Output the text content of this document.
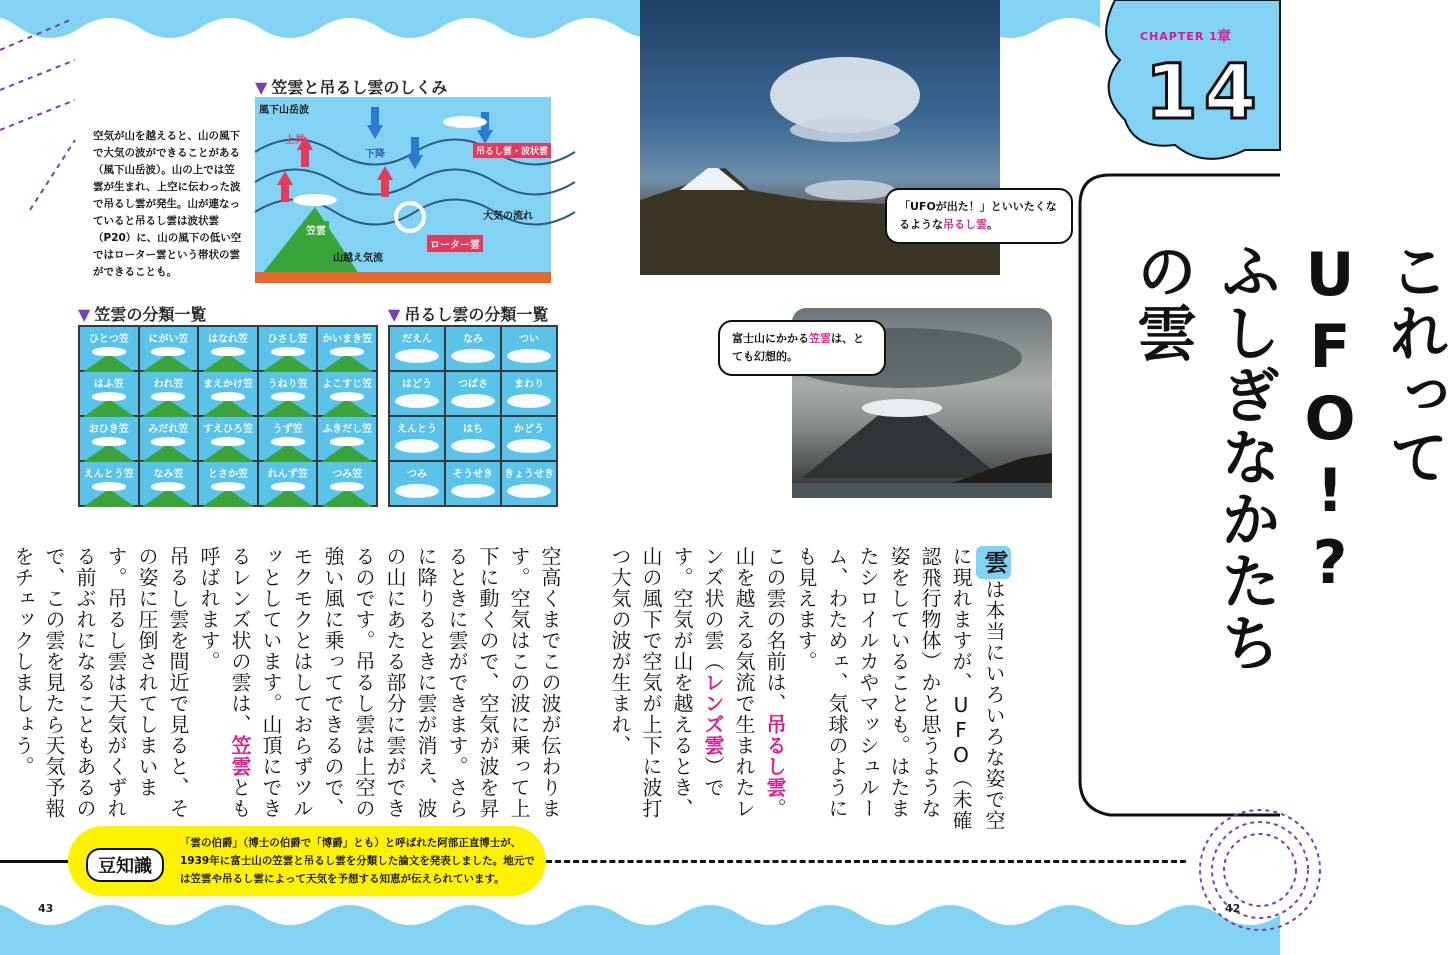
CHAPTER 1 章
14
これってUFO!?
ふしぎなかたちの雲
▼ 笠雲と吊るし雲のしくみ
風下山岳波
上昇
下降	吊るし雲・波状雲
笠雲
大気の流れ
ローター雲
山越え気流
空気が山を越えると、山の風下で大気の波ができることがある（風下山岳波）。山の上では笠雲が生まれ、上空に伝わった波で吊るし雲が発生。山が連なっていると吊るし雲は波状雲（P20）に、山の風下の低い空ではローター雲という帯状の雲ができることも。
▼ 笠雲の分類一覧
ひとつ笠	にがい笠	はなれ笠	ひさし笠	かいまき笠
はふ笠	われ笠	まえかけ笠	うねり笠	よこすじ笠
おひき笠	みだれ笠	すえひろ笠	うず笠	ふきだし笠
えんとう笠	なみ笠	とさか笠	れんず笠	つみ笠
▼ 吊るし雲の分類一覧
だえん	なみ	つい
はどう	つばさ	まわり
えんとう	はち	かどう
つみ	そうせき	きょうせき
「UFOが出た！」といいたくなるような吊るし雲。
富士山にかかる笠雲は、とても幻想的。
雲は本当にいろいろな姿で空に現れますが、UFO（未確認飛行物体）かと思うような姿をしていることも。はたまたシロイルカやマッシュルーム、わためェ、気球のようにも見えます。
この雲の名前は、吊るし雲。山を越える気流で生まれたレンズ状の雲（レンズ雲）です。空気が山を越えるとき、山の風下で空気が上下に波打つ大気の波が生まれ、
空高くまでこの波が伝わります。空気はこの波に乗って上下に動くので、空気が波を昇るときに雲ができます。さらに降りるときに雲が消え、波の山にあたる部分に雲ができるのです。吊るし雲は上空の強い風に乗ってできるので、モクモクとはしておらずツルッとしています。山頂にできるレンズ状の雲は、笠雲とも呼ばれます。
吊るし雲を間近で見ると、その姿に圧倒されてしまいます。吊るし雲は天気がくずれる前ぶれになることもあるので、この雲を見たら天気予報をチェックしましょう。
豆知識
「雲の伯爵」（博士の伯爵で「博爵」とも）と呼ばれた阿部正直博士が、1939年に富士山の笠雲と吊るし雲を分類した論文を発表しました。地元では笠雲や吊るし雲によって天気を予想する知恵が伝えられています。
43	42
